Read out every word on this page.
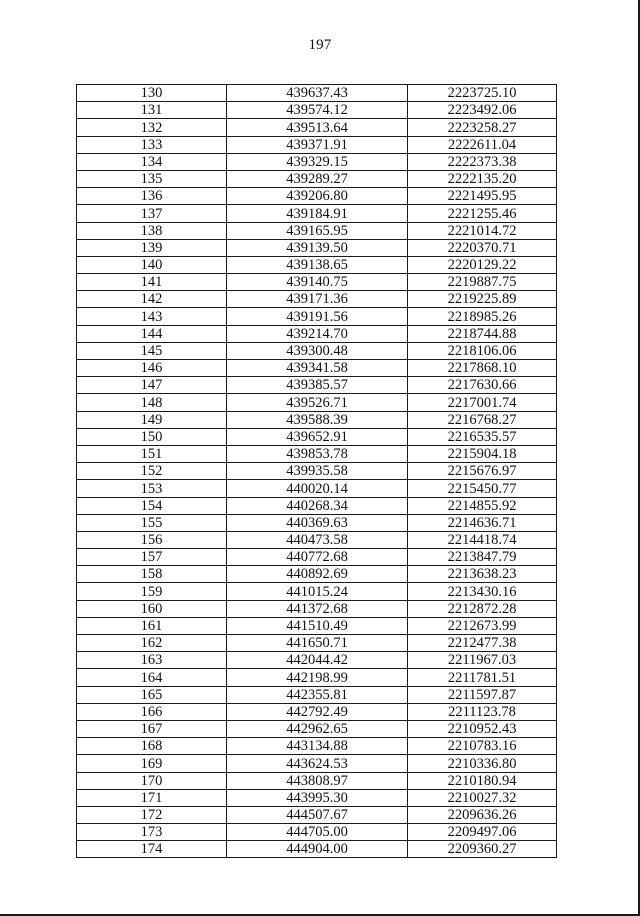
197
130	439637.43	2223725.10
131	439574.12	2223492.06
132	439513.64	2223258.27
133	439371.91	2222611.04
134	439329.15	2222373.38
135	439289.27	2222135.20
136	439206.80	2221495.95
137	439184.91	2221255.46
138	439165.95	2221014.72
139	439139.50	2220370.71
140	439138.65	2220129.22
141	439140.75	2219887.75
142	439171.36	2219225.89
143	439191.56	2218985.26
144	439214.70	2218744.88
145	439300.48	2218106.06
146	439341.58	2217868.10
147	439385.57	2217630.66
148	439526.71	2217001.74
149	439588.39	2216768.27
150	439652.91	2216535.57
151	439853.78	2215904.18
152	439935.58	2215676.97
153	440020.14	2215450.77
154	440268.34	2214855.92
155	440369.63	2214636.71
156	440473.58	2214418.74
157	440772.68	2213847.79
158	440892.69	2213638.23
159	441015.24	2213430.16
160	441372.68	2212872.28
161	441510.49	2212673.99
162	441650.71	2212477.38
163	442044.42	2211967.03
164	442198.99	2211781.51
165	442355.81	2211597.87
166	442792.49	2211123.78
167	442962.65	2210952.43
168	443134.88	2210783.16
169	443624.53	2210336.80
170	443808.97	2210180.94
171	443995.30	2210027.32
172	444507.67	2209636.26
173	444705.00	2209497.06
174	444904.00	2209360.27
